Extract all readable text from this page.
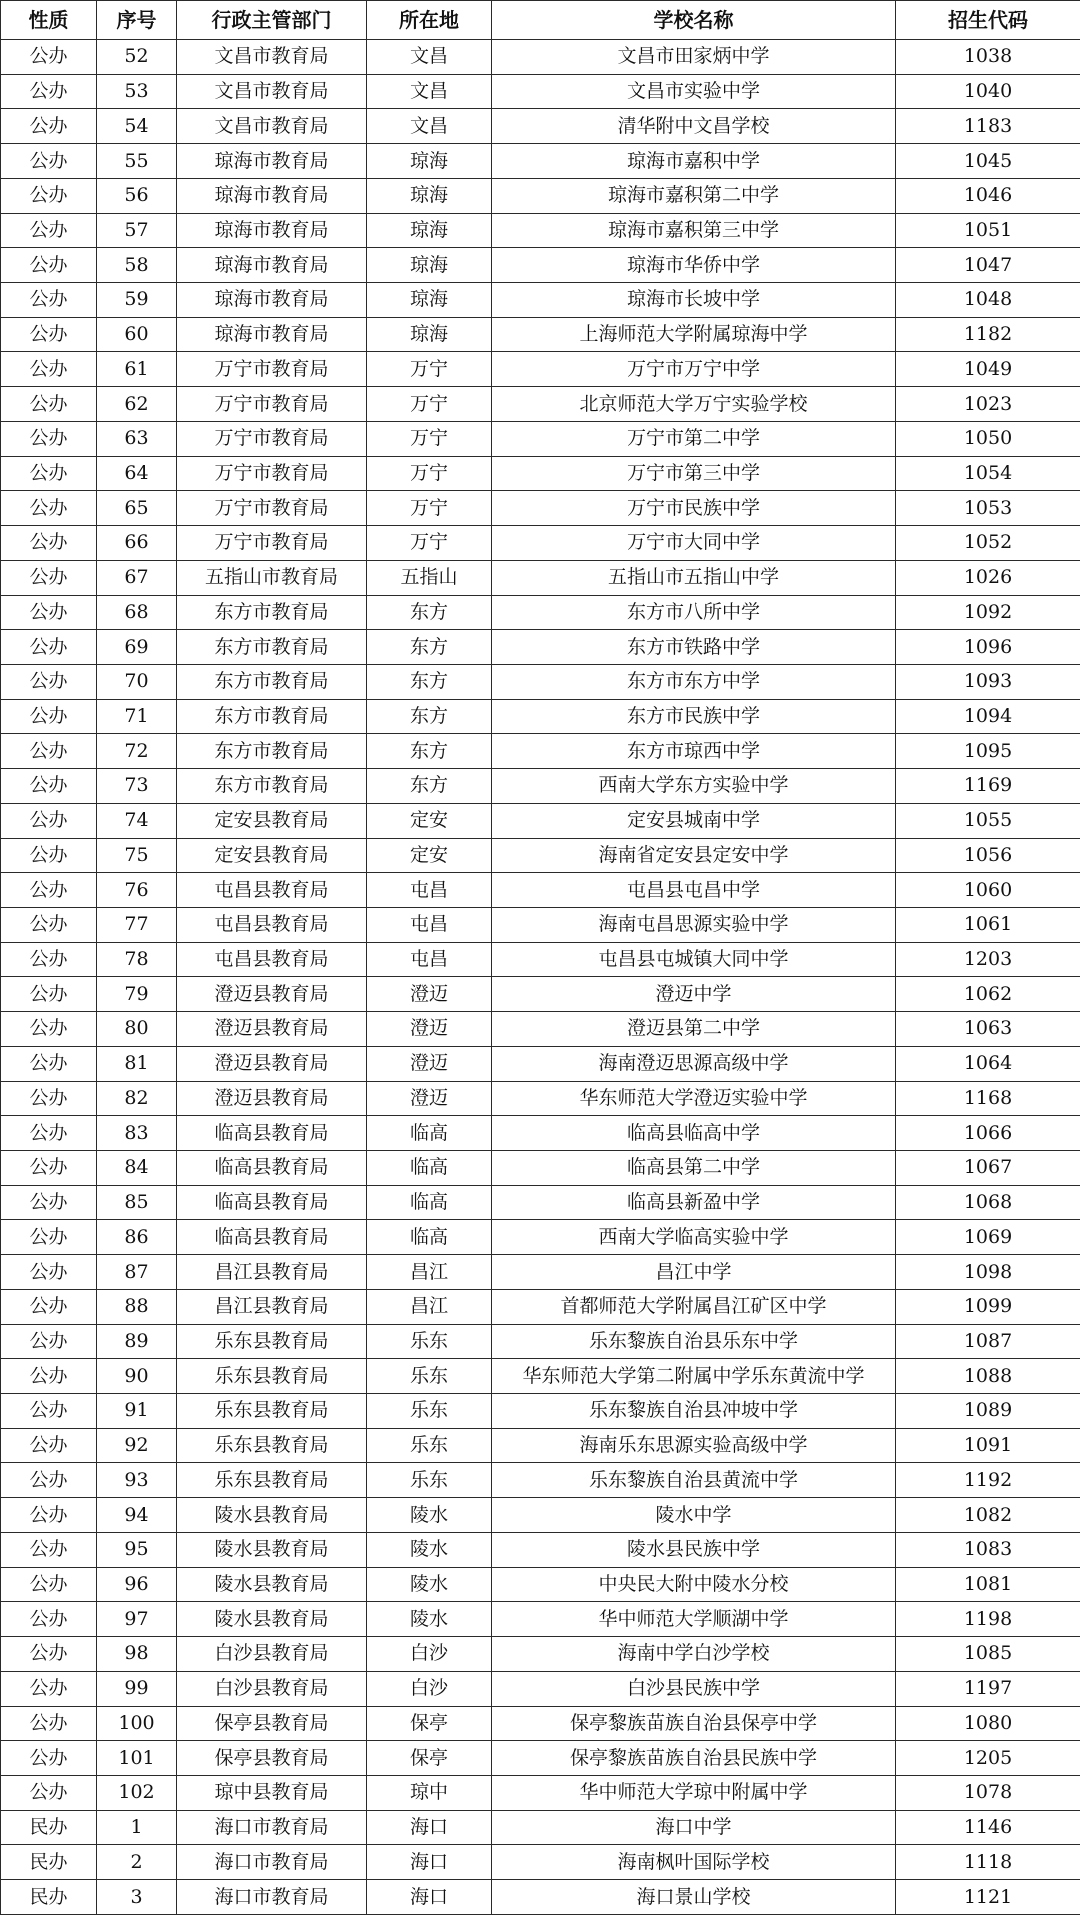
性质	序号	行政主管部门	所在地	学校名称	招生代码
公办	52	文昌市教育局	文昌	文昌市田家炳中学	1038
公办	53	文昌市教育局	文昌	文昌市实验中学	1040
公办	54	文昌市教育局	文昌	清华附中文昌学校	1183
公办	55	琼海市教育局	琼海	琼海市嘉积中学	1045
公办	56	琼海市教育局	琼海	琼海市嘉积第二中学	1046
公办	57	琼海市教育局	琼海	琼海市嘉积第三中学	1051
公办	58	琼海市教育局	琼海	琼海市华侨中学	1047
公办	59	琼海市教育局	琼海	琼海市长坡中学	1048
公办	60	琼海市教育局	琼海	上海师范大学附属琼海中学	1182
公办	61	万宁市教育局	万宁	万宁市万宁中学	1049
公办	62	万宁市教育局	万宁	北京师范大学万宁实验学校	1023
公办	63	万宁市教育局	万宁	万宁市第二中学	1050
公办	64	万宁市教育局	万宁	万宁市第三中学	1054
公办	65	万宁市教育局	万宁	万宁市民族中学	1053
公办	66	万宁市教育局	万宁	万宁市大同中学	1052
公办	67	五指山市教育局	五指山	五指山市五指山中学	1026
公办	68	东方市教育局	东方	东方市八所中学	1092
公办	69	东方市教育局	东方	东方市铁路中学	1096
公办	70	东方市教育局	东方	东方市东方中学	1093
公办	71	东方市教育局	东方	东方市民族中学	1094
公办	72	东方市教育局	东方	东方市琼西中学	1095
公办	73	东方市教育局	东方	西南大学东方实验中学	1169
公办	74	定安县教育局	定安	定安县城南中学	1055
公办	75	定安县教育局	定安	海南省定安县定安中学	1056
公办	76	屯昌县教育局	屯昌	屯昌县屯昌中学	1060
公办	77	屯昌县教育局	屯昌	海南屯昌思源实验中学	1061
公办	78	屯昌县教育局	屯昌	屯昌县屯城镇大同中学	1203
公办	79	澄迈县教育局	澄迈	澄迈中学	1062
公办	80	澄迈县教育局	澄迈	澄迈县第二中学	1063
公办	81	澄迈县教育局	澄迈	海南澄迈思源高级中学	1064
公办	82	澄迈县教育局	澄迈	华东师范大学澄迈实验中学	1168
公办	83	临高县教育局	临高	临高县临高中学	1066
公办	84	临高县教育局	临高	临高县第二中学	1067
公办	85	临高县教育局	临高	临高县新盈中学	1068
公办	86	临高县教育局	临高	西南大学临高实验中学	1069
公办	87	昌江县教育局	昌江	昌江中学	1098
公办	88	昌江县教育局	昌江	首都师范大学附属昌江矿区中学	1099
公办	89	乐东县教育局	乐东	乐东黎族自治县乐东中学	1087
公办	90	乐东县教育局	乐东	华东师范大学第二附属中学乐东黄流中学	1088
公办	91	乐东县教育局	乐东	乐东黎族自治县冲坡中学	1089
公办	92	乐东县教育局	乐东	海南乐东思源实验高级中学	1091
公办	93	乐东县教育局	乐东	乐东黎族自治县黄流中学	1192
公办	94	陵水县教育局	陵水	陵水中学	1082
公办	95	陵水县教育局	陵水	陵水县民族中学	1083
公办	96	陵水县教育局	陵水	中央民大附中陵水分校	1081
公办	97	陵水县教育局	陵水	华中师范大学顺湖中学	1198
公办	98	白沙县教育局	白沙	海南中学白沙学校	1085
公办	99	白沙县教育局	白沙	白沙县民族中学	1197
公办	100	保亭县教育局	保亭	保亭黎族苗族自治县保亭中学	1080
公办	101	保亭县教育局	保亭	保亭黎族苗族自治县民族中学	1205
公办	102	琼中县教育局	琼中	华中师范大学琼中附属中学	1078
民办	1	海口市教育局	海口	海口中学	1146
民办	2	海口市教育局	海口	海南枫叶国际学校	1118
民办	3	海口市教育局	海口	海口景山学校	1121
